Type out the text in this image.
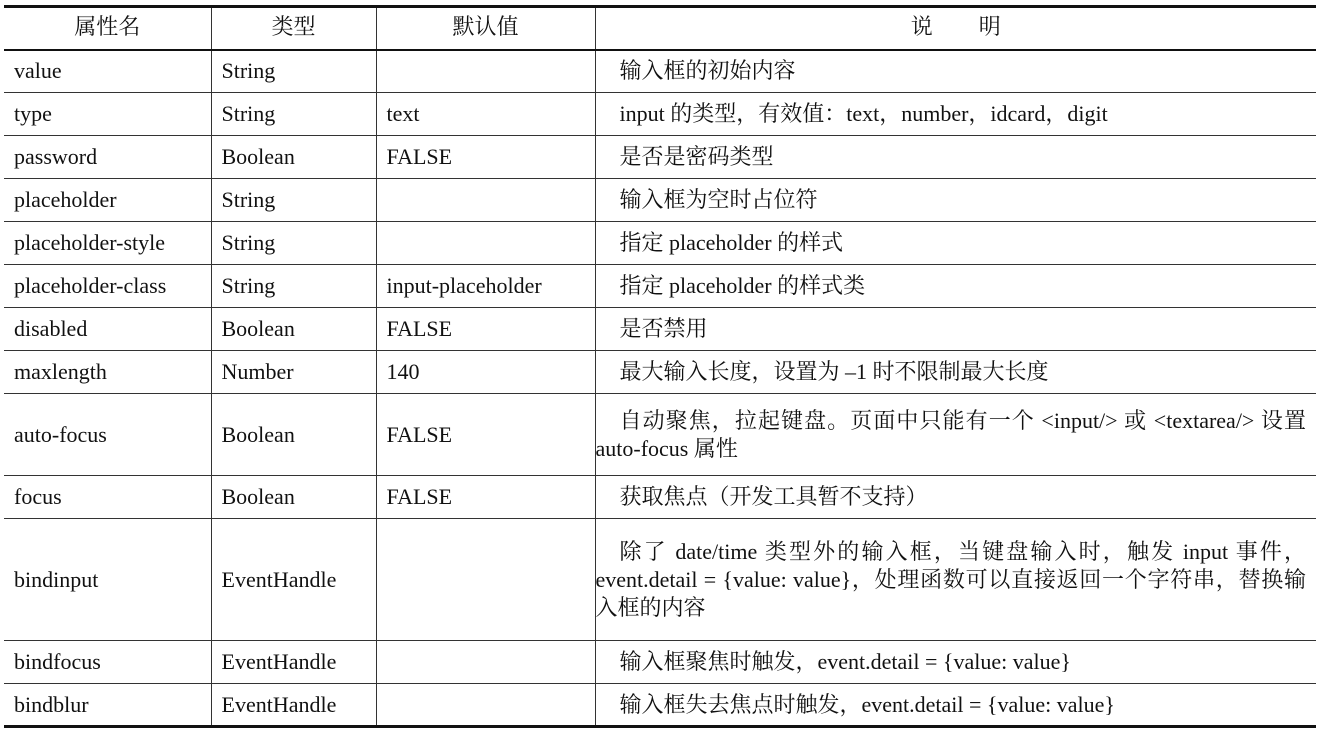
属性名	类型	默认值	说明
value	String		输入框的初始内容
type	String	text	input 的类型，有效值：text，number，idcard，digit
password	Boolean	FALSE	是否是密码类型
placeholder	String		输入框为空时占位符
placeholder-style	String		指定 placeholder 的样式
placeholder-class	String	input-placeholder	指定 placeholder 的样式类
disabled	Boolean	FALSE	是否禁用
maxlength	Number	140	最大输入长度，设置为 –1 时不限制最大长度
auto-focus	Boolean	FALSE	自动聚焦，拉起键盘。页面中只能有一个 <input/> 或 <textarea/> 设置 auto-focus 属性
focus	Boolean	FALSE	获取焦点（开发工具暂不支持）
bindinput	EventHandle		除了 date/time 类型外的输入框，当键盘输入时，触发 input 事件，event.detail = {value: value}，处理函数可以直接返回一个字符串，替换输入框的内容
bindfocus	EventHandle		输入框聚焦时触发，event.detail = {value: value}
bindblur	EventHandle		输入框失去焦点时触发，event.detail = {value: value}
